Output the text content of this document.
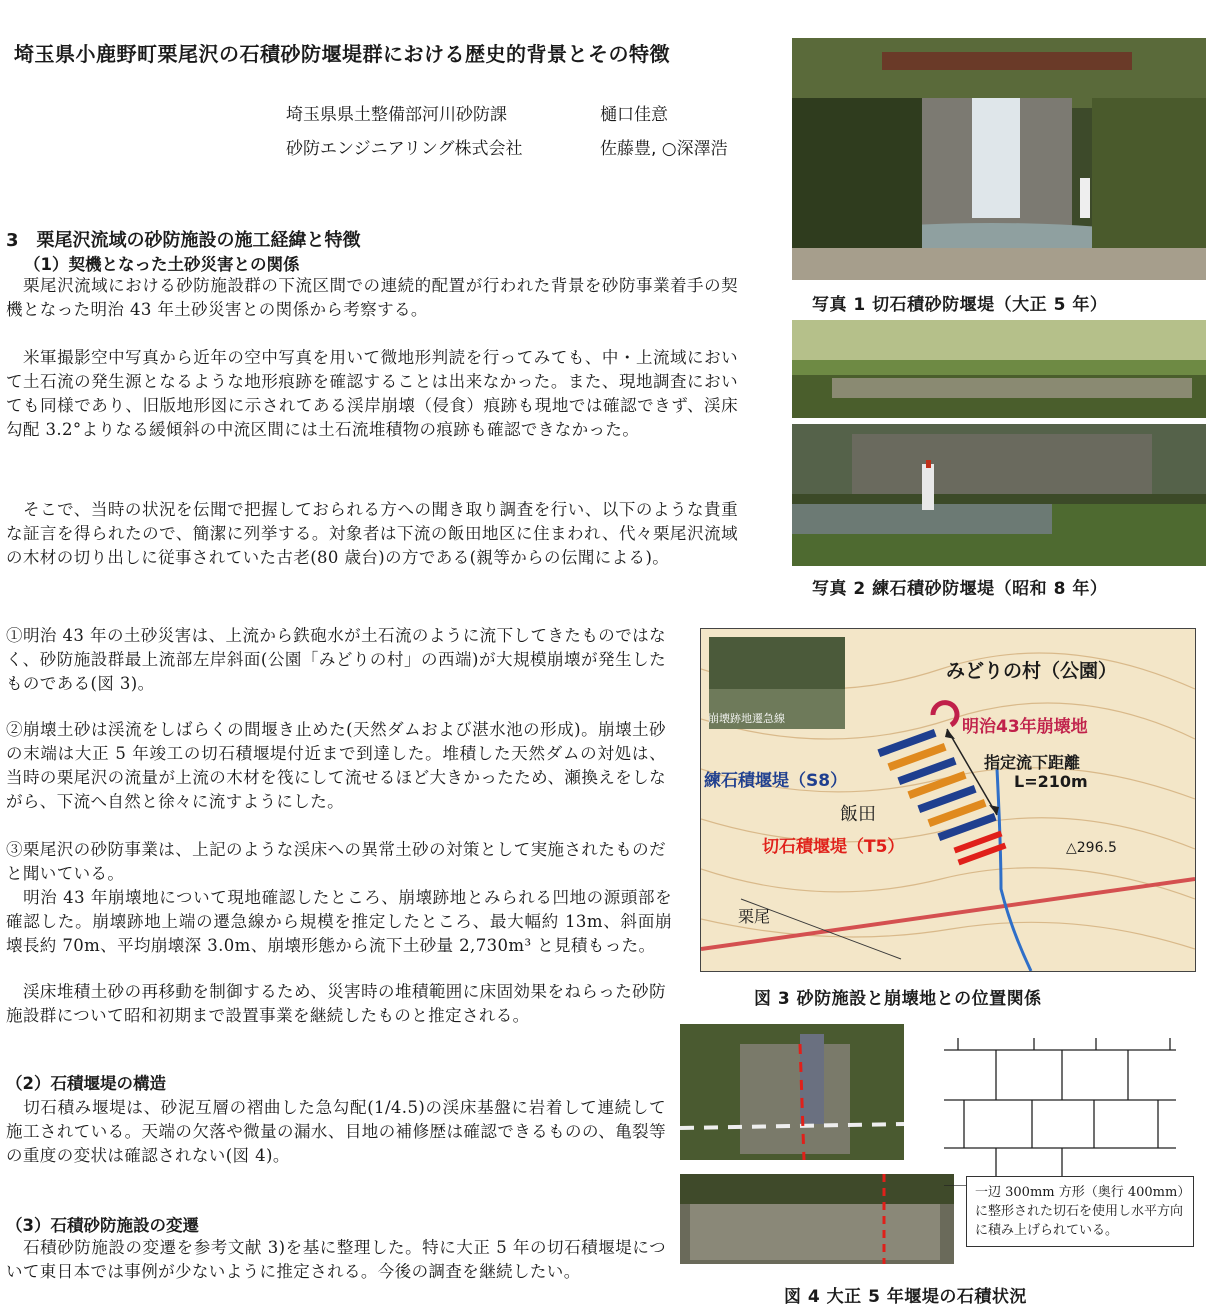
埼玉県小鹿野町栗尾沢の石積砂防堰堤群における歴史的背景とその特徴
埼玉県県土整備部河川砂防課	樋口佳意
砂防エンジニアリング株式会社	佐藤豊, ○深澤浩
3　栗尾沢流域の砂防施設の施工経緯と特徴
（1）契機となった土砂災害との関係
　栗尾沢流域における砂防施設群の下流区間での連続的配置が行われた背景を砂防事業着手の契機となった明治 43 年土砂災害との関係から考察する。
　米軍撮影空中写真から近年の空中写真を用いて微地形判読を行ってみても、中・上流域において土石流の発生源となるような地形痕跡を確認することは出来なかった。また、現地調査においても同様であり、旧版地形図に示されてある渓岸崩壊（侵食）痕跡も現地では確認できず、渓床勾配 3.2°よりなる緩傾斜の中流区間には土石流堆積物の痕跡も確認できなかった。
　そこで、当時の状況を伝聞で把握しておられる方への聞き取り調査を行い、以下のような貴重な証言を得られたので、簡潔に列挙する。対象者は下流の飯田地区に住まわれ、代々栗尾沢流域の木材の切り出しに従事されていた古老(80 歳台)の方である(親等からの伝聞による)。
①明治 43 年の土砂災害は、上流から鉄砲水が土石流のように流下してきたものではなく、砂防施設群最上流部左岸斜面(公園「みどりの村」の西端)が大規模崩壊が発生したものである(図 3)。
②崩壊土砂は渓流をしばらくの間堰き止めた(天然ダムおよび湛水池の形成)。崩壊土砂の末端は大正 5 年竣工の切石積堰堤付近まで到達した。堆積した天然ダムの対処は、当時の栗尾沢の流量が上流の木材を筏にして流せるほど大きかったため、瀬換えをしながら、下流へ自然と徐々に流すようにした。
③栗尾沢の砂防事業は、上記のような渓床への異常土砂の対策として実施されたものだと聞いている。
　明治 43 年崩壊地について現地確認したところ、崩壊跡地とみられる凹地の源頭部を確認した。崩壊跡地上端の遷急線から規模を推定したところ、最大幅約 13m、斜面崩壊長約 70m、平均崩壊深 3.0m、崩壊形態から流下土砂量 2,730m³ と見積もった。
　渓床堆積土砂の再移動を制御するため、災害時の堆積範囲に床固効果をねらった砂防施設群について昭和初期まで設置事業を継続したものと推定される。
（2）石積堰堤の構造
　切石積み堰堤は、砂泥互層の褶曲した急勾配(1/4.5)の渓床基盤に岩着して連続して施工されている。天端の欠落や微量の漏水、目地の補修歴は確認できるものの、亀裂等の重度の変状は確認されない(図 4)。
（3）石積砂防施設の変遷
　石積砂防施設の変遷を参考文献 3)を基に整理した。特に大正 5 年の切石積堰堤について東日本では事例が少ないように推定される。今後の調査を継続したい。
写真 1 切石積砂防堰堤（大正 5 年）
写真 2 練石積砂防堰堤（昭和 8 年）
崩壊跡地遷急線
みどりの村（公園）
明治43年崩壊地
指定流下距離
L=210m
練石積堰堤（S8）
飯田
切石積堰堤（T5）	△296.5
栗尾
図 3 砂防施設と崩壊地との位置関係
一辺 300mm 方形（奥行 400mm）に整形された切石を使用し水平方向に積み上げられている。
図 4 大正 5 年堰堤の石積状況
